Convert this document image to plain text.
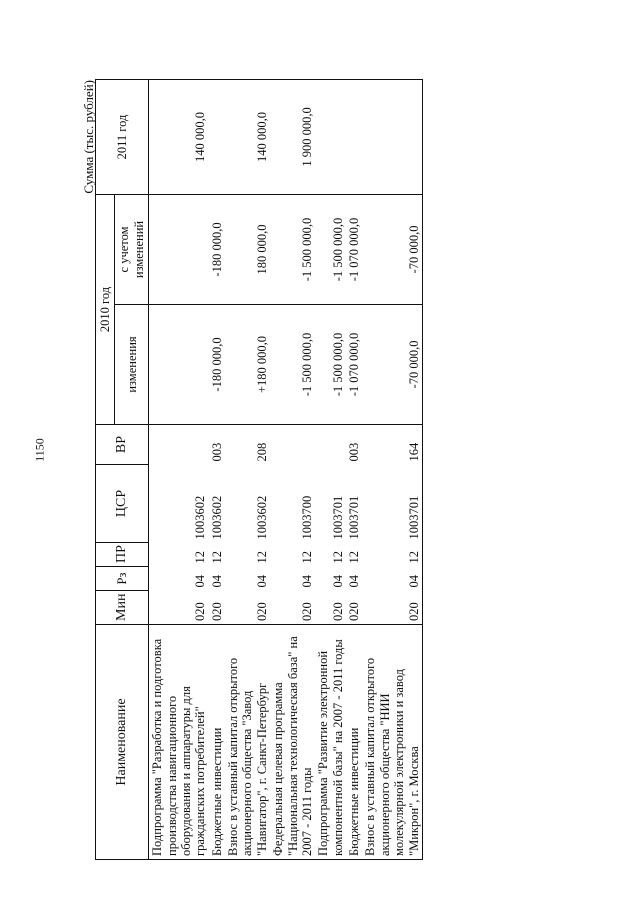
1150
Сумма (тыс. рублей)
Наименование	Мин	Рз	ПР	ЦСР	ВР	2010 год		2011 год
						изменения	с учетом изменений	
Подпрограмма "Разработка и подготовка производства навигационного оборудования и аппаратуры для гражданских потребителей"	020	04	12	1003602				140 000,0
Бюджетные инвестиции	020	04	12	1003602	003	-180 000,0	-180 000,0	
Взнос в уставный капитал открытого акционерного общества "Завод "Навигатор", г. Санкт-Петербург	020	04	12	1003602	208	+180 000,0	180 000,0	140 000,0
Федеральная целевая программа "Национальная технологическая база" на 2007 - 2011 годы	020	04	12	1003700		-1 500 000,0	-1 500 000,0	1 900 000,0
Подпрограмма "Развитие электронной компонентной базы" на 2007 - 2011 годы	020	04	12	1003701		-1 500 000,0	-1 500 000,0	
Бюджетные инвестиции	020	04	12	1003701	003	-1 070 000,0	-1 070 000,0	
Взнос в уставный капитал открытого акционерного общества "НИИ молекулярной электроники и завод "Микрон", г. Москва	020	04	12	1003701	164	-70 000,0	-70 000,0	
